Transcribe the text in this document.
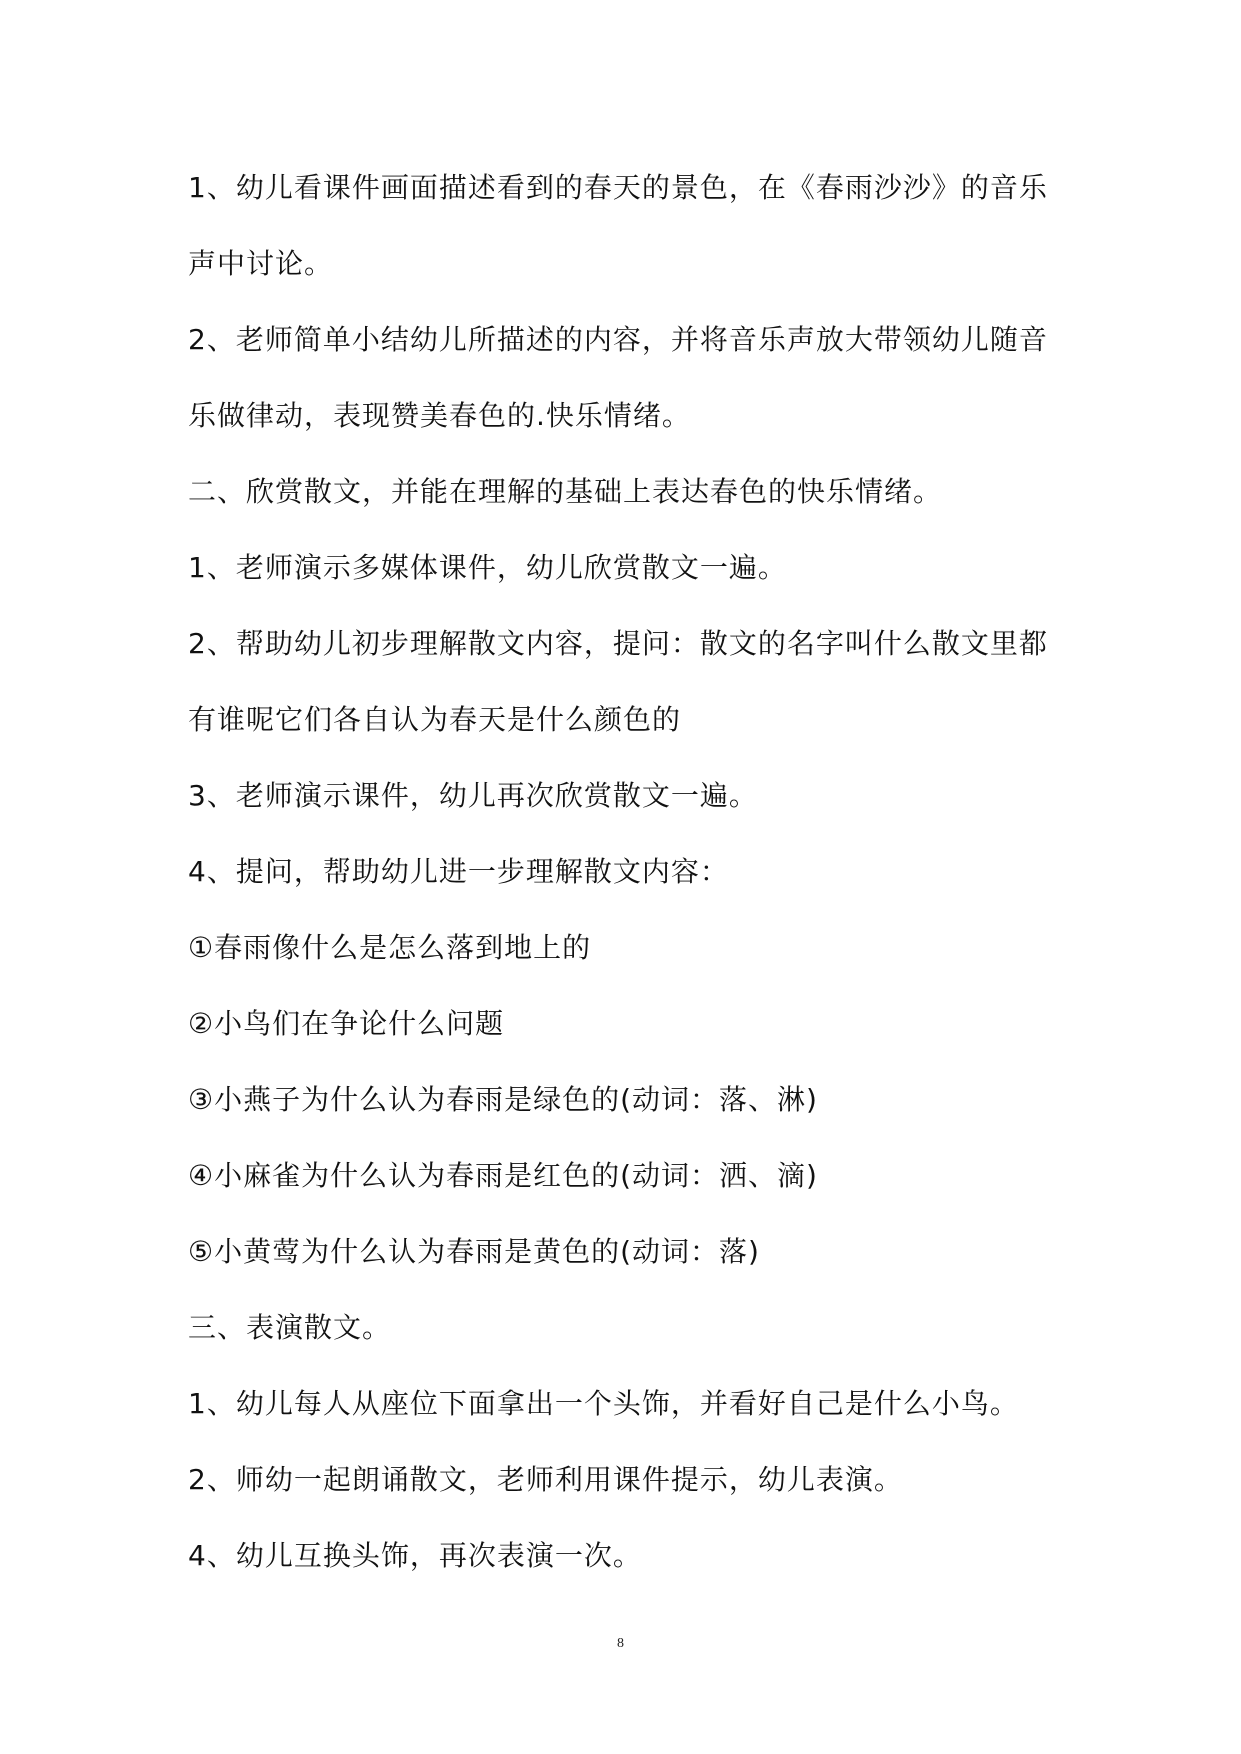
1、幼儿看课件画面描述看到的春天的景色，在《春雨沙沙》的音乐
声中讨论。
2、老师简单小结幼儿所描述的内容，并将音乐声放大带领幼儿随音
乐做律动，表现赞美春色的.快乐情绪。
二、欣赏散文，并能在理解的基础上表达春色的快乐情绪。
1、老师演示多媒体课件，幼儿欣赏散文一遍。
2、帮助幼儿初步理解散文内容，提问：散文的名字叫什么散文里都
有谁呢它们各自认为春天是什么颜色的
3、老师演示课件，幼儿再次欣赏散文一遍。
4、提问，帮助幼儿进一步理解散文内容：
①春雨像什么是怎么落到地上的
②小鸟们在争论什么问题
③小燕子为什么认为春雨是绿色的(动词：落、淋)
④小麻雀为什么认为春雨是红色的(动词：洒、滴)
⑤小黄莺为什么认为春雨是黄色的(动词：落)
三、表演散文。
1、幼儿每人从座位下面拿出一个头饰，并看好自己是什么小鸟。
2、师幼一起朗诵散文，老师利用课件提示，幼儿表演。
4、幼儿互换头饰，再次表演一次。
8
